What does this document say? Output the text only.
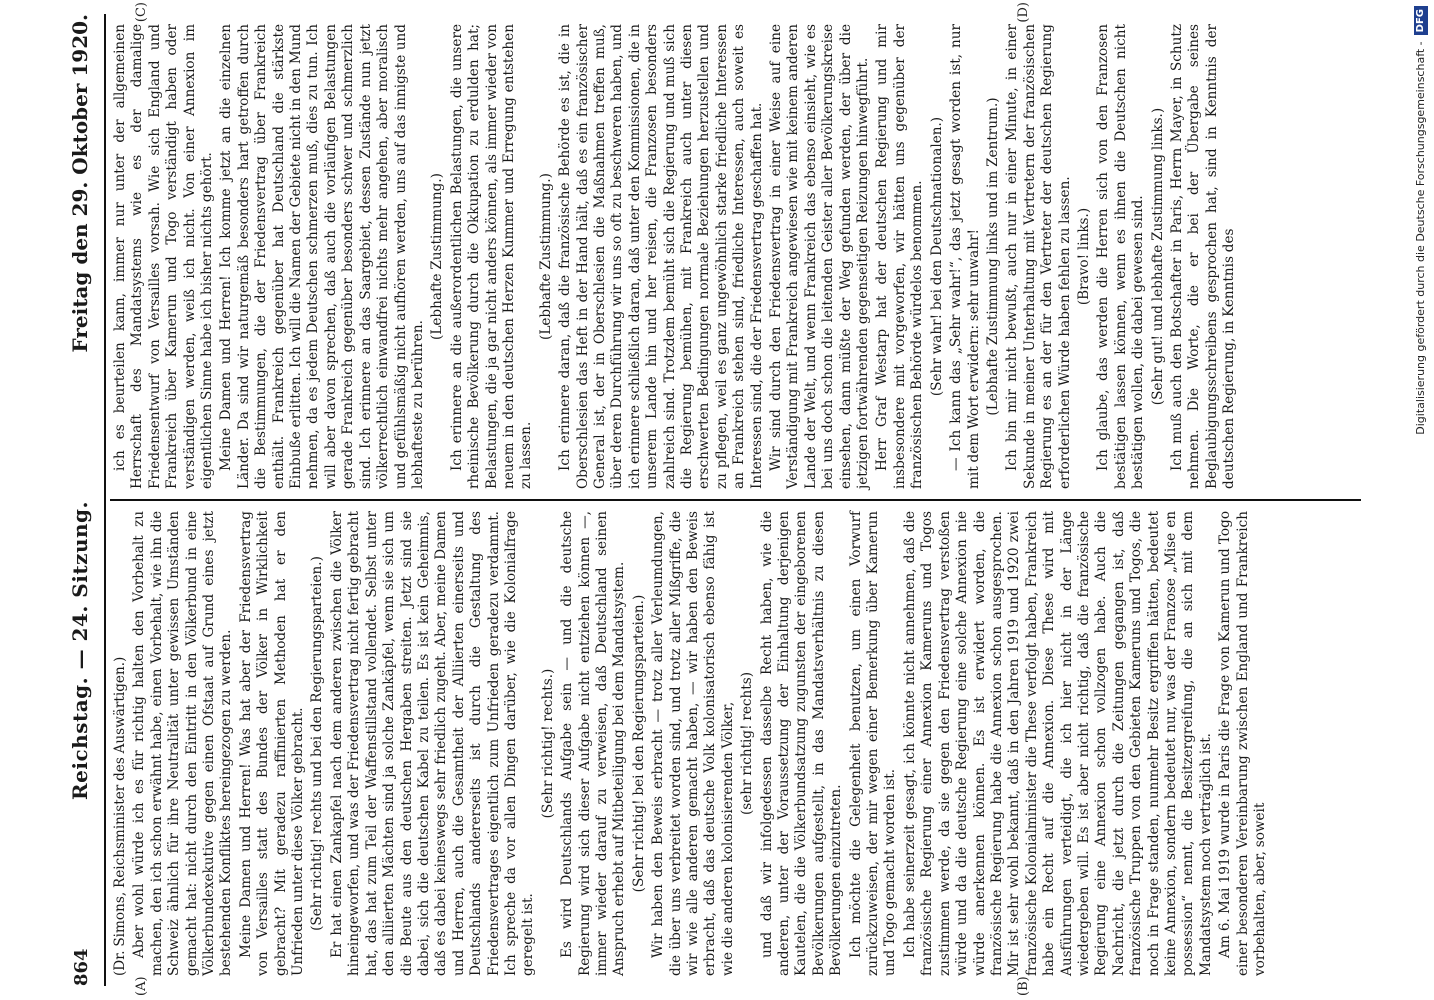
864
Reichstag. — 24. Sitzung.
Freitag den 29. Oktober 1920.

(Dr. Simons, Reichsminister des Auswärtigen.) Aber wohl würde ich es für richtig halten den Vorbehalt zu machen, den ich schon erwähnt habe, einen Vorbehalt, wie ihn die Schweiz ähnlich für ihre Neutralität unter gewissen Umständen gemacht hat: nicht durch den Eintritt in den Völkerbund in eine Völkerbundexekutive gegen einen Ofstaat auf Grund eines jetzt bestehenden Konfliktes hereingezogen zu werden. Meine Damen und Herren! Was hat aber der Friedensvertrag von Versailles statt des Bundes der Völker in Wirklichkeit gebracht? Mit geradezu raffinierten Methoden hat er den Unfrieden unter diese Völker gebracht. (Sehr richtig! rechts und bei den Regierungsparteien.) Er hat einen Zankapfel nach dem anderen zwischen die Völker hineingeworfen, und was der Friedensvertrag nicht fertig gebracht hat, das hat zum Teil der Waffenstillstand vollendet. Selbst unter den alliierten Mächten sind ja solche Zankäpfel, wenn sie sich um die Beute aus den deutschen Hergaben streiten. Jetzt sind sie dabei, sich die deutschen Kabel zu teilen. Es ist kein Geheimnis, daß es dabei keineswegs sehr friedlich zugeht. Aber, meine Damen und Herren, auch die Gesamtheit der Alliierten einerseits und Deutschlands andererseits ist durch die Gestaltung des Friedensvertrages eigentlich zum Unfrieden geradezu verdammt. Ich spreche da vor allen Dingen darüber, wie die Kolonialfrage geregelt ist.

(Sehr richtig! rechts.) Es wird Deutschlands Aufgabe sein — und die deutsche Regierung wird sich dieser Aufgabe nicht entziehen können —, immer wieder darauf zu verweisen, daß Deutschland seinen Anspruch erhebt auf Mitbeteiligung bei dem Mandatsystem. (Sehr richtig! bei den Regierungsparteien.) Wir haben den Beweis erbracht — trotz aller Verleumdungen, die über uns verbreitet worden sind, und trotz aller Mißgriffe, die wir wie alle anderen gemacht haben, — wir haben den Beweis erbracht, daß das deutsche Volk kolonisatorisch ebenso fähig ist wie die anderen kolonisierenden Völker, (sehr richtig! rechts) und daß wir infolgedessen dasselbe Recht haben, wie die anderen, unter der Voraussetzung der Einhaltung derjenigen Kautelen, die die Völkerbundsatzung zugunsten der eingeborenen Bevölkerungen aufgestellt, in das Mandatsverhältnis zu diesen Bevölkerungen einzutreten. Ich möchte die Gelegenheit benutzen, um einen Vorwurf zurückzuweisen, der mir wegen einer Bemerkung über Kamerun und Togo gemacht worden ist. Ich habe seinerzeit gesagt, ich könnte nicht annehmen, daß die französische Regierung einer Annexion Kameruns und Togos zustimmen werde, da sie gegen den Friedensvertrag verstoßen würde und da die deutsche Regierung eine solche Annexion nie würde anerkennen können. Es ist erwidert worden, die französische Regierung habe die Annexion schon ausgesprochen. Mir ist sehr wohl bekannt, daß in den Jahren 1919 und 1920 zwei französische Kolonialminister die These verfolgt haben, Frankreich habe ein Recht auf die Annexion. Diese These wird mit Ausführungen verteidigt, die ich hier nicht in der Länge wiedergeben will. Es ist aber nicht richtig, daß die französische Regierung eine Annexion schon vollzogen habe. Auch die Nachricht, die jetzt durch die Zeitungen gegangen ist, daß französische Truppen von den Gebieten Kameruns und Togos, die noch in Frage standen, nunmehr Besitz ergriffen hätten, bedeutet keine Annexion, sondern bedeutet nur, was der Franzose „Mise en possession“ nennt, die Besitzergreifung, die an sich mit dem Mandatsystem noch verträglich ist. Am 6. Mai 1919 wurde in Paris die Frage von Kamerun und Togo einer besonderen Vereinbarung zwischen England und Frankreich vorbehalten, aber, soweit

ich es beurteilen kann, immer nur unter der allgemeinen Herrschaft des Mandatsystems wie es der damalige Friedensentwurf von Versailles vorsah. Wie sich England und Frankreich über Kamerun und Togo verständigt haben oder verständigen werden, weiß ich nicht. Von einer Annexion im eigentlichen Sinne habe ich bisher nichts gehört. Meine Damen und Herren! Ich komme jetzt an die einzelnen Länder. Da sind wir naturgemäß besonders hart getroffen durch die Bestimmungen, die der Friedensvertrag über Frankreich enthält. Frankreich gegenüber hat Deutschland die stärkste Einbuße erlitten. Ich will die Namen der Gebiete nicht in den Mund nehmen, da es jedem Deutschen schmerzen muß, dies zu tun. Ich will aber davon sprechen, daß auch die vorläufigen Belastungen gerade Frankreich gegenüber besonders schwer und schmerzlich sind. Ich erinnere an das Saargebiet, dessen Zustände nun jetzt völkerrechtlich einwandfrei nichts mehr angehen, aber moralisch und gefühlsmäßig nicht aufhören werden, uns auf das innigste und lebhafteste zu berühren.

(Lebhafte Zustimmung.) Ich erinnere an die außerordentlichen Belastungen, die unsere rheinische Bevölkerung durch die Okkupation zu erdulden hat; Belastungen, die ja gar nicht anders können, als immer wieder von neuem in den deutschen Herzen Kummer und Erregung entstehen zu lassen.

(Lebhafte Zustimmung.) Ich erinnere daran, daß die französische Behörde es ist, die in Oberschlesien das Heft in der Hand hält, daß es ein französischer General ist, der in Oberschlesien die Maßnahmen treffen muß, über deren Durchführung wir uns so oft zu beschweren haben, und ich erinnere schließlich daran, daß unter den Kommissionen, die in unserem Lande hin und her reisen, die Franzosen besonders zahlreich sind. Trotzdem bemüht sich die Regierung und muß sich die Regierung bemühen, mit Frankreich auch unter diesen erschwerten Bedingungen normale Beziehungen herzustellen und zu pflegen, weil es ganz ungewöhnlich starke friedliche Interessen an Frankreich stehen sind, friedliche Interessen, auch soweit es Interessen sind, die der Friedensvertrag geschaffen hat. Wir sind durch den Friedensvertrag in einer Weise auf eine Verständigung mit Frankreich angewiesen wie mit keinem anderen Lande der Welt, und wenn Frankreich das ebenso einsieht, wie es bei uns doch schon die leitenden Geister aller Bevölkerungskreise einsehen, dann müßte der Weg gefunden werden, der über die jetzigen fortwährenden gegenseitigen Reizungen hinwegführt. Herr Graf Westarp hat der deutschen Regierung und mir insbesondere mit vorgeworfen, wir hätten uns gegenüber der französischen Behörde würdelos benommen. (Sehr wahr! bei den Deutschnationalen.) — Ich kann das „Sehr wahr!“, das jetzt gesagt worden ist, nur mit dem Wort erwidern: sehr unwahr! (Lebhafte Zustimmung links und im Zentrum.) Ich bin mir nicht bewußt, auch nur in einer Minute, in einer Sekunde in meiner Unterhaltung mit Vertretern der französischen Regierung es an der für den Vertreter der deutschen Regierung erforderlichen Würde haben fehlen zu lassen. (Bravo! links.) Ich glaube, das werden die Herren sich von den Franzosen bestätigen lassen können, wenn es ihnen die Deutschen nicht bestätigen wollen, die dabei gewesen sind. (Sehr gut! und lebhafte Zustimmung links.) Ich muß auch den Botschafter in Paris, Herrn Mayer, in Schutz nehmen. Die Worte, die er bei der Übergabe seines Beglaubigungsschreibens gesprochen hat, sind in Kenntnis der deutschen Regierung, in Kenntnis des

(A)	(B)
(C)	(D)
Digitalisierung gefördert durch die Deutsche Forschungsgemeinschaft -
DFG
